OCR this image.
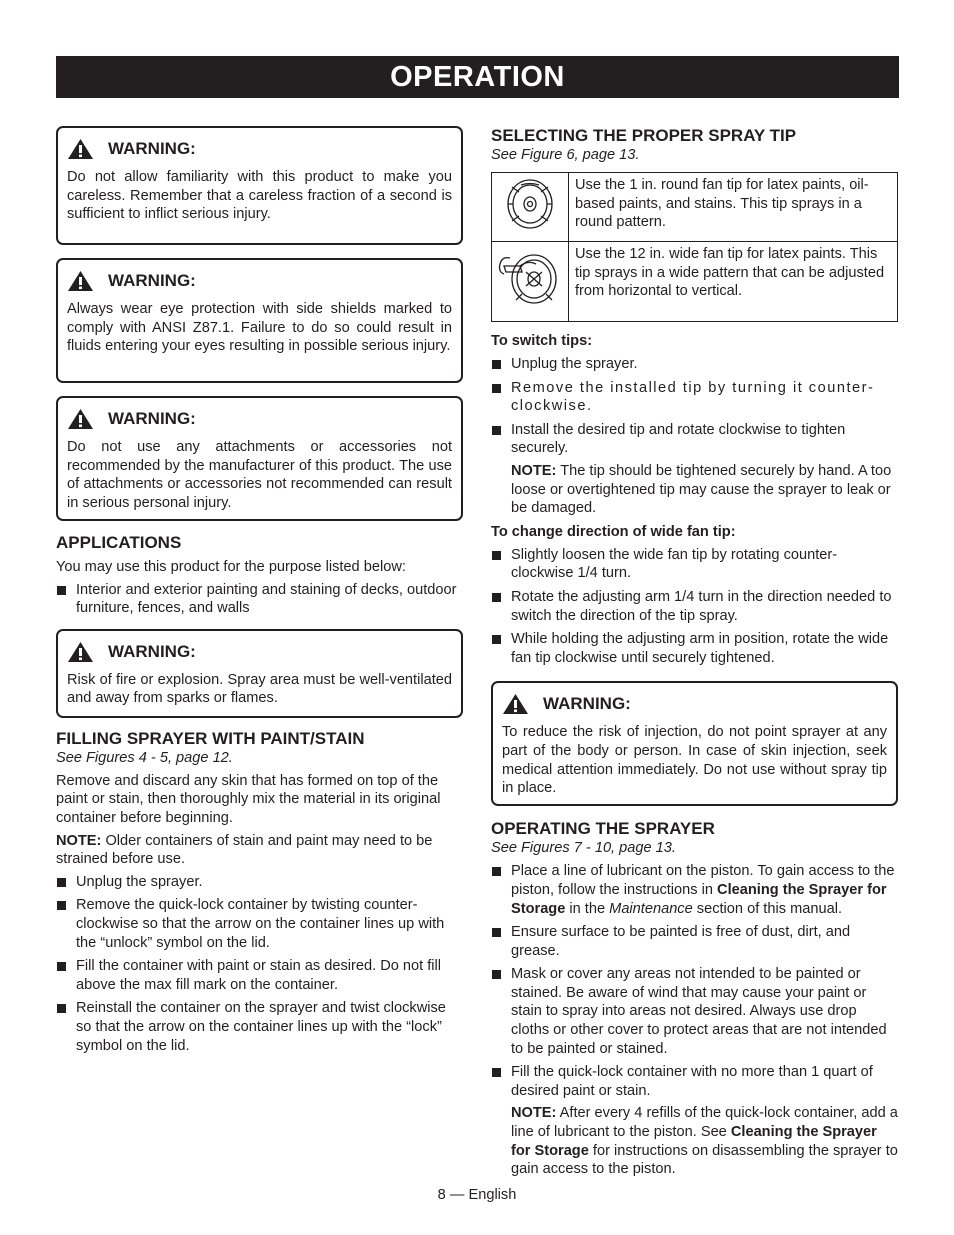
OPERATION
WARNING:

Do not allow familiarity with this product to make you careless. Remember that a careless fraction of a second is sufficient to inflict serious injury.

WARNING:

Always wear eye protection with side shields marked to comply with ANSI Z87.1. Failure to do so could result in fluids entering your eyes resulting in possible serious injury.

WARNING:

Do not use any attachments or accessories not recommended by the manufacturer of this product. The use of attachments or accessories not recommended can result in serious personal injury.

APPLICATIONS

You may use this product for the purpose listed below:

Interior and exterior painting and staining of decks, outdoor furniture, fences, and walls
WARNING:

Risk of fire or explosion. Spray area must be well-ventilated and away from sparks or flames.

FILLING SPRAYER WITH PAINT/STAIN

See Figures 4 - 5, page 12.

Remove and discard any skin that has formed on top of the paint or stain, then thoroughly mix the material in its original container before beginning.

NOTE: Older containers of stain and paint may need to be strained before use.

Unplug the sprayer.
Remove the quick-lock container by twisting counter-clockwise so that the arrow on the container lines up with the “unlock” symbol on the lid.
Fill the container with paint or stain as desired. Do not fill above the max fill mark on the container.
Reinstall the container on the sprayer and twist clockwise so that the arrow on the container lines up with the “lock” symbol on the lid.

SELECTING THE PROPER SPRAY TIP

See Figure 6, page 13.

	Use the 1 in. round fan tip for latex paints, oil-based paints, and stains. This tip sprays in a round pattern.
	Use the 12 in. wide fan tip for latex paints. This tip sprays in a wide pattern that can be adjusted from horizontal to vertical.

To switch tips:

Unplug the sprayer.
Remove the installed tip by turning it counter-clockwise.
Install the desired tip and rotate clockwise to tighten securely.

NOTE: The tip should be tightened securely by hand. A too loose or overtightened tip may cause the sprayer to leak or be damaged.

To change direction of wide fan tip:

Slightly loosen the wide fan tip by rotating counter-clockwise 1/4 turn.
Rotate the adjusting arm 1/4 turn in the direction needed to switch the direction of the tip spray.
While holding the adjusting arm in position, rotate the wide fan tip clockwise until securely tightened.
WARNING:

To reduce the risk of injection, do not point sprayer at any part of the body or person. In case of skin injection, seek medical attention immediately. Do not use without spray tip in place.

OPERATING THE SPRAYER

See Figures 7 - 10, page 13.

Place a line of lubricant on the piston. To gain access to the piston, follow the instructions in Cleaning the Sprayer for Storage in the Maintenance section of this manual.
Ensure surface to be painted is free of dust, dirt, and grease.
Mask or cover any areas not intended to be painted or stained. Be aware of wind that may cause your paint or stain to spray into areas not desired. Always use drop cloths or other cover to protect areas that are not intended to be painted or stained.
Fill the quick-lock container with no more than 1 quart of desired paint or stain.

NOTE: After every 4 refills of the quick-lock container, add a line of lubricant to the piston. See Cleaning the Sprayer for Storage for instructions on disassembling the sprayer to gain access to the piston.

8 — English
